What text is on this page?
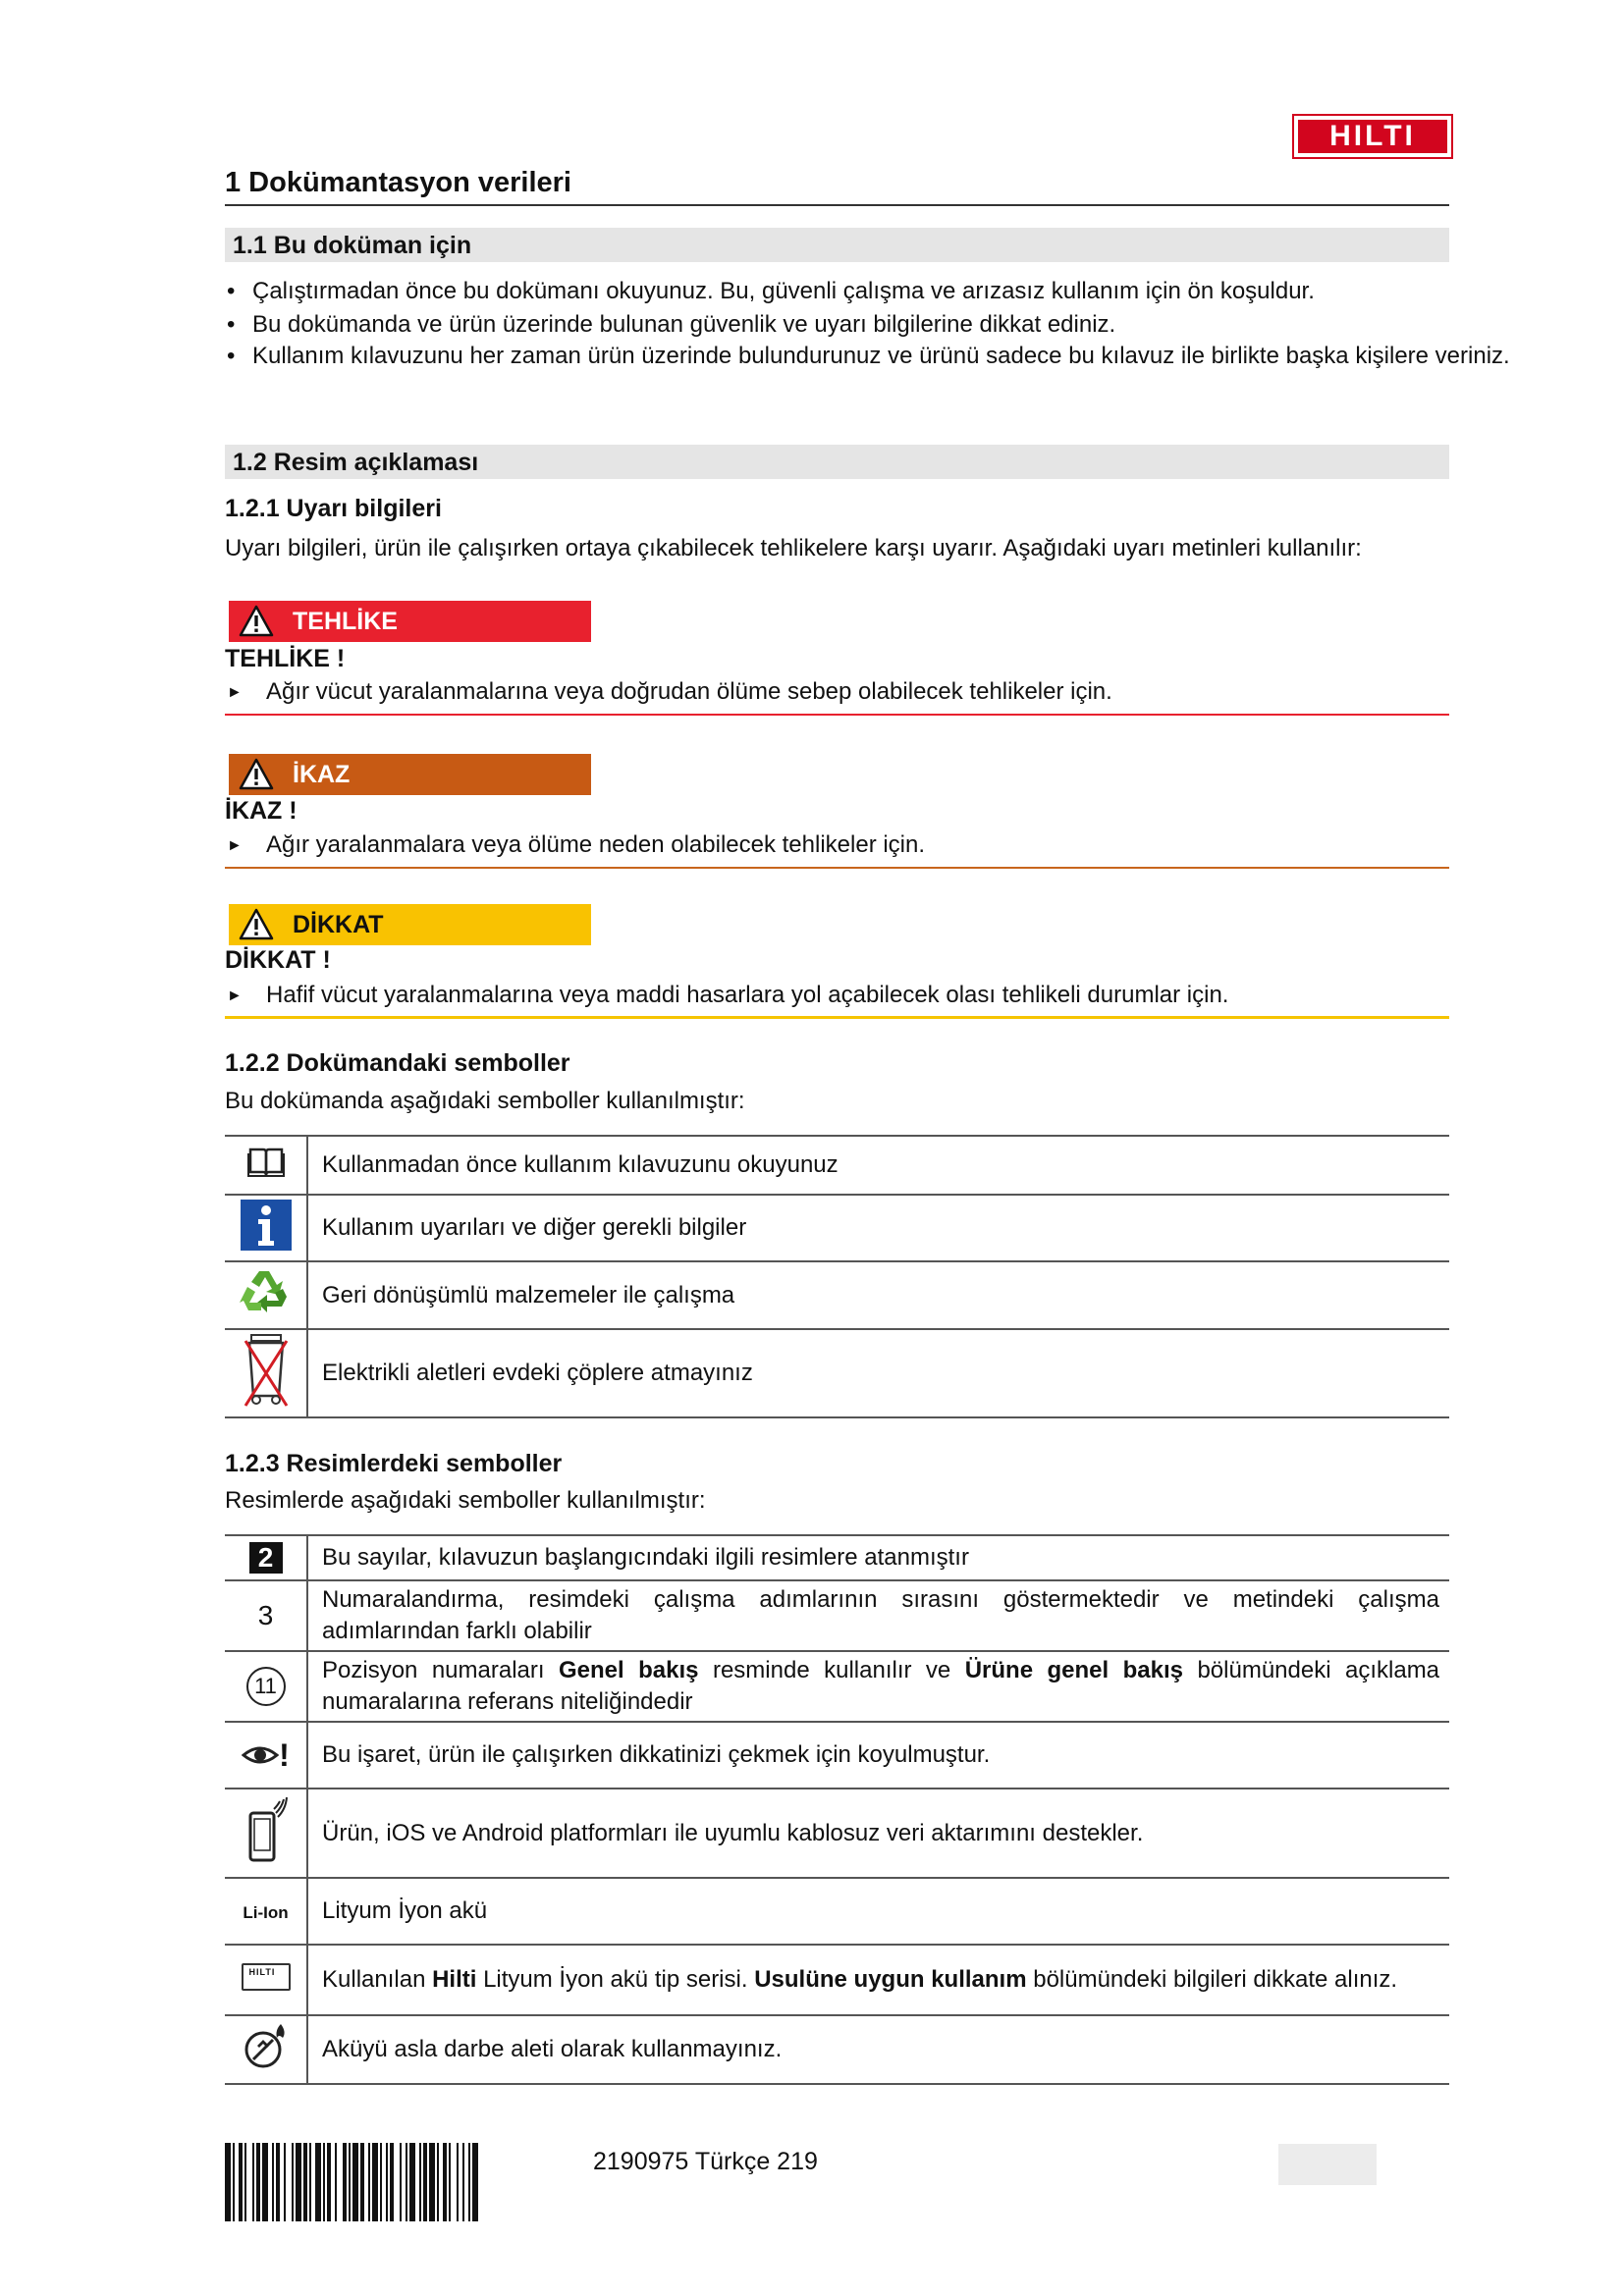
HILTI
1 Dokümantasyon verileri
1.1 Bu doküman için
• Çalıştırmadan önce bu dokümanı okuyunuz. Bu, güvenli çalışma ve arızasız kullanım için ön koşuldur.
• Bu dokümanda ve ürün üzerinde bulunan güvenlik ve uyarı bilgilerine dikkat ediniz.
• Kullanım kılavuzunu her zaman ürün üzerinde bulundurunuz ve ürünü sadece bu kılavuz ile birlikte başka kişilere veriniz.
1.2 Resim açıklaması
1.2.1 Uyarı bilgileri
Uyarı bilgileri, ürün ile çalışırken ortaya çıkabilecek tehlikelere karşı uyarır. Aşağıdaki uyarı metinleri kullanılır:
TEHLİKE
TEHLİKE !
► Ağır vücut yaralanmalarına veya doğrudan ölüme sebep olabilecek tehlikeler için.
İKAZ
İKAZ !
► Ağır yaralanmalara veya ölüme neden olabilecek tehlikeler için.
DİKKAT
DİKKAT !
► Hafif vücut yaralanmalarına veya maddi hasarlara yol açabilecek olası tehlikeli durumlar için.
1.2.2 Dokümandaki semboller
Bu dokümanda aşağıdaki semboller kullanılmıştır:
	Kullanmadan önce kullanım kılavuzunu okuyunuz
	Kullanım uyarıları ve diğer gerekli bilgiler
	Geri dönüşümlü malzemeler ile çalışma
	Elektrikli aletleri evdeki çöplere atmayınız
1.2.3 Resimlerdeki semboller
Resimlerde aşağıdaki semboller kullanılmıştır:
2	Bu sayılar, kılavuzun başlangıcındaki ilgili resimlere atanmıştır
3	Numaralandırma, resimdeki çalışma adımlarının sırasını göstermektedir ve metindeki çalışma adımlarından farklı olabilir
11	Pozisyon numaraları Genel bakış resminde kullanılır ve Ürüne genel bakış bölümündeki açıklama numaralarına referans niteliğindedir
!	Bu işaret, ürün ile çalışırken dikkatinizi çekmek için koyulmuştur.
	Ürün, iOS ve Android platformları ile uyumlu kablosuz veri aktarımını destekler.
Li-Ion	Lityum İyon akü

HILTI	Kullanılan Hilti Lityum İyon akü tip serisi. Usulüne uygun kullanım bölümündeki bilgileri dikkate alınız.
	Aküyü asla darbe aleti olarak kullanmayınız.
2190975 Türkçe 219
